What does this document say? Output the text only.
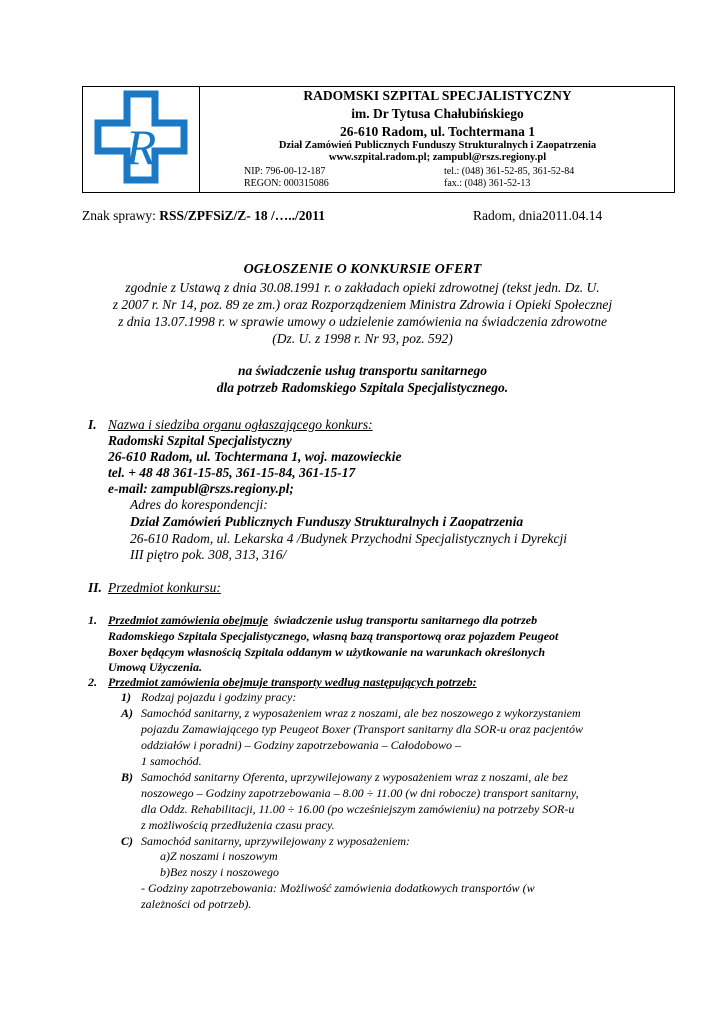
R
RADOMSKI SZPITAL SPECJALISTYCZNY
im. Dr Tytusa Chałubińskiego
26-610 Radom, ul. Tochtermana 1
Dział Zamówień Publicznych Funduszy Strukturalnych i Zaopatrzenia
www.szpital.radom.pl; zampubl@rszs.regiony.pl
NIP: 796-00-12-187	tel.: (048) 361-52-85, 361-52-84
REGON: 000315086	fax.: (048) 361-52-13
Znak sprawy: RSS/ZPFSiZ/Z- 18 /…../2011	Radom, dnia2011.04.14
OGŁOSZENIE O KONKURSIE OFERT
zgodnie z Ustawą z dnia 30.08.1991 r. o zakładach opieki zdrowotnej (tekst jedn. Dz. U.
z 2007 r. Nr 14, poz. 89 ze zm.) oraz Rozporządzeniem Ministra Zdrowia i Opieki Społecznej
z dnia 13.07.1998 r. w sprawie umowy o udzielenie zamówienia na świadczenia zdrowotne
(Dz. U. z 1998 r. Nr 93, poz. 592)
na świadczenie usług transportu sanitarnego
dla potrzeb Radomskiego Szpitala Specjalistycznego.
I. Nazwa i siedziba organu ogłaszającego konkurs:
Radomski Szpital Specjalistyczny
26-610 Radom, ul. Tochtermana 1, woj. mazowieckie
tel. + 48 48 361-15-85, 361-15-84, 361-15-17
e-mail: zampubl@rszs.regiony.pl;
Adres do korespondencji:
Dział Zamówień Publicznych Funduszy Strukturalnych i Zaopatrzenia
26-610 Radom, ul. Lekarska 4 /Budynek Przychodni Specjalistycznych i Dyrekcji
III piętro pok. 308, 313, 316/
II. Przedmiot konkursu:
1. Przedmiot zamówienia obejmuje świadczenie usług transportu sanitarnego dla potrzeb
Radomskiego Szpitala Specjalistycznego, własną bazą transportową oraz pojazdem Peugeot
Boxer będącym własnością Szpitala oddanym w użytkowanie na warunkach określonych
Umową Użyczenia.
2. Przedmiot zamówienia obejmuje transporty według następujących potrzeb:
1) Rodzaj pojazdu i godziny pracy:
A) Samochód sanitarny, z wyposażeniem wraz z noszami, ale bez noszowego z wykorzystaniem
pojazdu Zamawiającego typ Peugeot Boxer (Transport sanitarny dla SOR-u oraz pacjentów
oddziałów i poradni) – Godziny zapotrzebowania – Całodobowo –
1 samochód.
B) Samochód sanitarny Oferenta, uprzywilejowany z wyposażeniem wraz z noszami, ale bez
noszowego – Godziny zapotrzebowania – 8.00 ÷ 11.00 (w dni robocze) transport sanitarny,
dla Oddz. Rehabilitacji, 11.00 ÷ 16.00 (po wcześniejszym zamówieniu) na potrzeby SOR-u
z możliwością przedłużenia czasu pracy.
C) Samochód sanitarny, uprzywilejowany z wyposażeniem:
a)Z noszami i noszowym
b)Bez noszy i noszowego
- Godziny zapotrzebowania: Możliwość zamówienia dodatkowych transportów (w
zależności od potrzeb).
